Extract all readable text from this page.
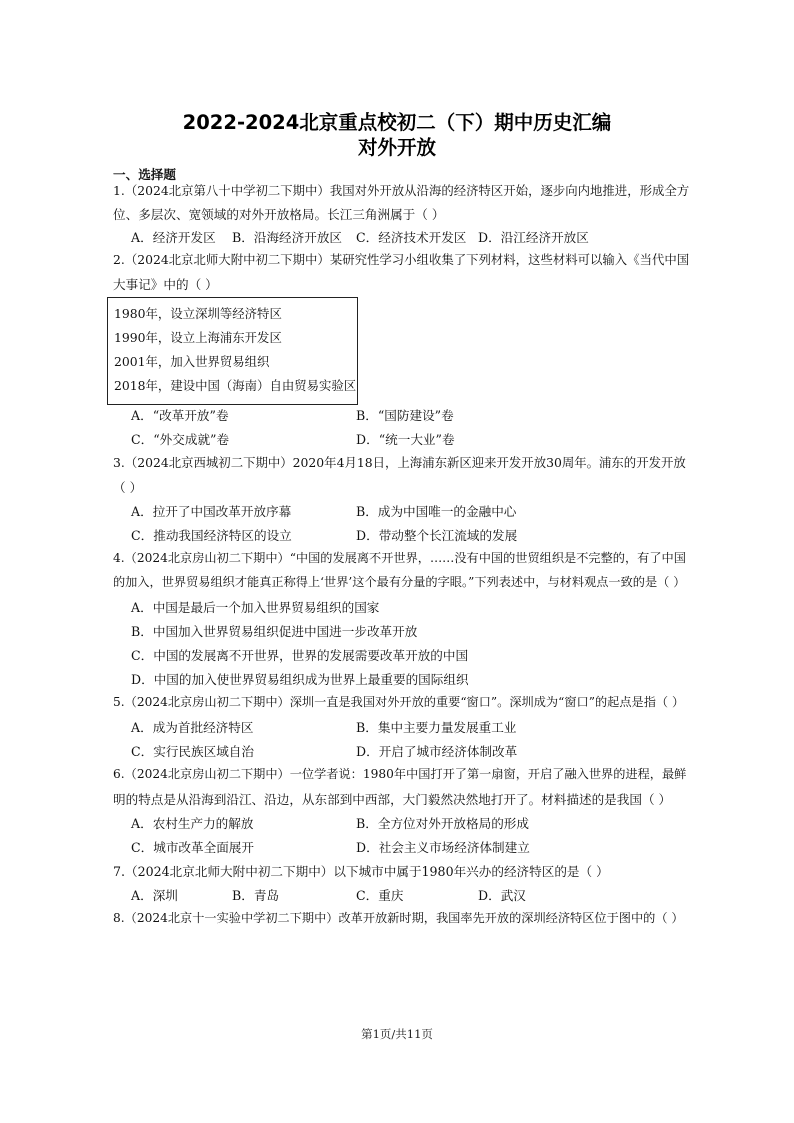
2022-2024北京重点校初二（下）期中历史汇编
对外开放
一、选择题
1.（2024北京第八十中学初二下期中）我国对外开放从沿海的经济特区开始，逐步向内地推进，形成全方
位、多层次、宽领域的对外开放格局。长江三角洲属于（ ）
A．经济开发区 B．沿海经济开放区 C．经济技术开发区 D．沿江经济开放区
2.（2024北京北师大附中初二下期中）某研究性学习小组收集了下列材料，这些材料可以输入《当代中国
大事记》中的（ ）
1980年，设立深圳等经济特区
1990年，设立上海浦东开发区
2001年，加入世界贸易组织
2018年，建设中国（海南）自由贸易实验区
A．“改革开放”卷	B．“国防建设”卷
C．“外交成就”卷	D．“统一大业”卷
3.（2024北京西城初二下期中）2020年4月18日，上海浦东新区迎来开发开放30周年。浦东的开发开放
（ ）
A．拉开了中国改革开放序幕	B．成为中国唯一的金融中心
C．推动我国经济特区的设立	D．带动整个长江流域的发展
4.（2024北京房山初二下期中）“中国的发展离不开世界，……没有中国的世贸组织是不完整的，有了中国
的加入，世界贸易组织才能真正称得上‘世界’这个最有分量的字眼。”下列表述中，与材料观点一致的是（ ）
A．中国是最后一个加入世界贸易组织的国家
B．中国加入世界贸易组织促进中国进一步改革开放
C．中国的发展离不开世界，世界的发展需要改革开放的中国
D．中国的加入使世界贸易组织成为世界上最重要的国际组织
5.（2024北京房山初二下期中）深圳一直是我国对外开放的重要“窗口”。深圳成为“窗口”的起点是指（ ）
A．成为首批经济特区	B．集中主要力量发展重工业
C．实行民族区域自治	D．开启了城市经济体制改革
6.（2024北京房山初二下期中）一位学者说：1980年中国打开了第一扇窗，开启了融入世界的进程，最鲜
明的特点是从沿海到沿江、沿边，从东部到中西部，大门毅然决然地打开了。材料描述的是我国（ ）
A．农村生产力的解放	B．全方位对外开放格局的形成
C．城市改革全面展开	D．社会主义市场经济体制建立
7.（2024北京北师大附中初二下期中）以下城市中属于1980年兴办的经济特区的是（ ）
A．深圳	B．青岛	C．重庆	D．武汉
8.（2024北京十一实验中学初二下期中）改革开放新时期，我国率先开放的深圳经济特区位于图中的（ ）
第1页/共11页
